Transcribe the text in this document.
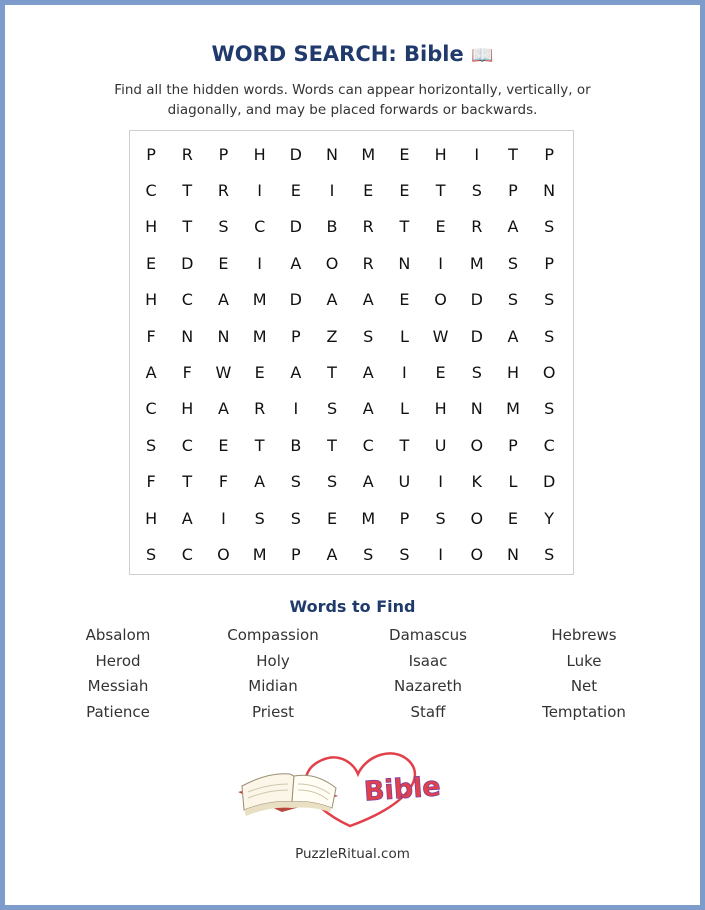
WORD SEARCH: Bible 📖
Find all the hidden words. Words can appear horizontally, vertically, or diagonally, and may be placed forwards or backwards.
P	R	P	H	D	N	M	E	H	I	T	P
C	T	R	I	E	I	E	E	T	S	P	N
H	T	S	C	D	B	R	T	E	R	A	S
E	D	E	I	A	O	R	N	I	M	S	P
H	C	A	M	D	A	A	E	O	D	S	S
F	N	N	M	P	Z	S	L	W	D	A	S
A	F	W	E	A	T	A	I	E	S	H	O
C	H	A	R	I	S	A	L	H	N	M	S
S	C	E	T	B	T	C	T	U	O	P	C
F	T	F	A	S	S	A	U	I	K	L	D
H	A	I	S	S	E	M	P	S	O	E	Y
S	C	O	M	P	A	S	S	I	O	N	S
Words to Find
Absalom	Compassion	Damascus	Hebrews
Herod	Holy	Isaac	Luke
Messiah	Midian	Nazareth	Net
Patience	Priest	Staff	Temptation
Bible
PuzzleRitual.com
